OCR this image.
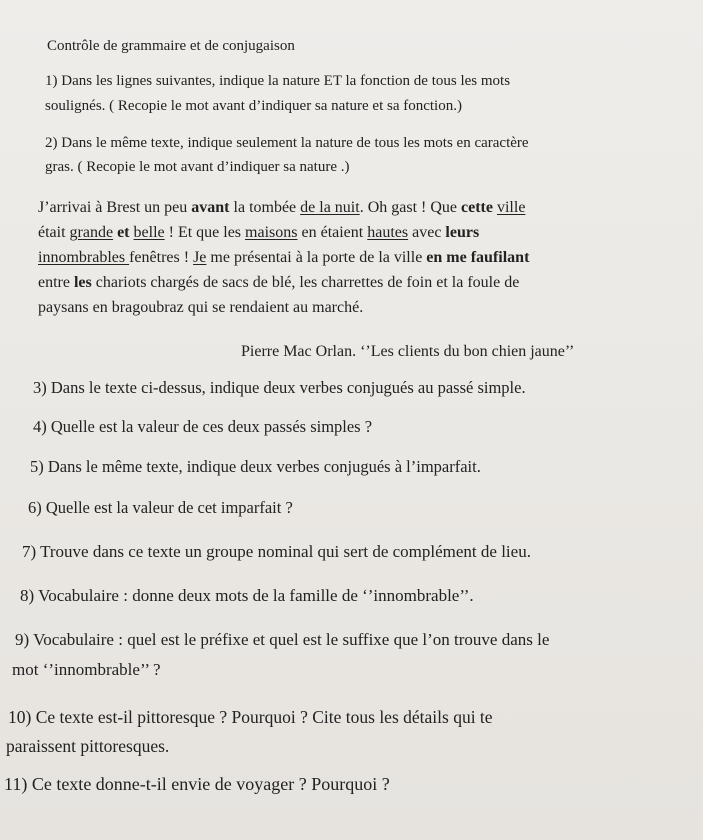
Contrôle de grammaire et de conjugaison
1) Dans les lignes suivantes, indique la nature ET la fonction de tous les mots
soulignés. ( Recopie le mot avant d’indiquer sa nature et sa fonction.)
2) Dans le même texte, indique seulement la nature de tous les mots en caractère
gras. ( Recopie le mot avant d’indiquer sa nature .)
J’arrivai à Brest un peu avant la tombée de la nuit. Oh gast ! Que cette ville
était grande et belle ! Et que les maisons en étaient hautes avec leurs
innombrables fenêtres ! Je me présentai à la porte de la ville en me faufilant
entre les chariots chargés de sacs de blé, les charrettes de foin et la foule de
paysans en bragoubraz qui se rendaient au marché.
Pierre Mac Orlan. ‘’Les clients du bon chien jaune’’
3) Dans le texte ci-dessus, indique deux verbes conjugués au passé simple.
4) Quelle est la valeur de ces deux passés simples ?
5) Dans le même texte, indique deux verbes conjugués à l’imparfait.
6) Quelle est la valeur de cet imparfait ?
7) Trouve dans ce texte un groupe nominal qui sert de complément de lieu.
8) Vocabulaire : donne deux mots de la famille de ‘’innombrable’’.
9) Vocabulaire : quel est le préfixe et quel est le suffixe que l’on trouve dans le
mot ‘’innombrable’’ ?
10) Ce texte est-il pittoresque ? Pourquoi ? Cite tous les détails qui te
paraissent pittoresques.
11) Ce texte donne-t-il envie de voyager ? Pourquoi ?
